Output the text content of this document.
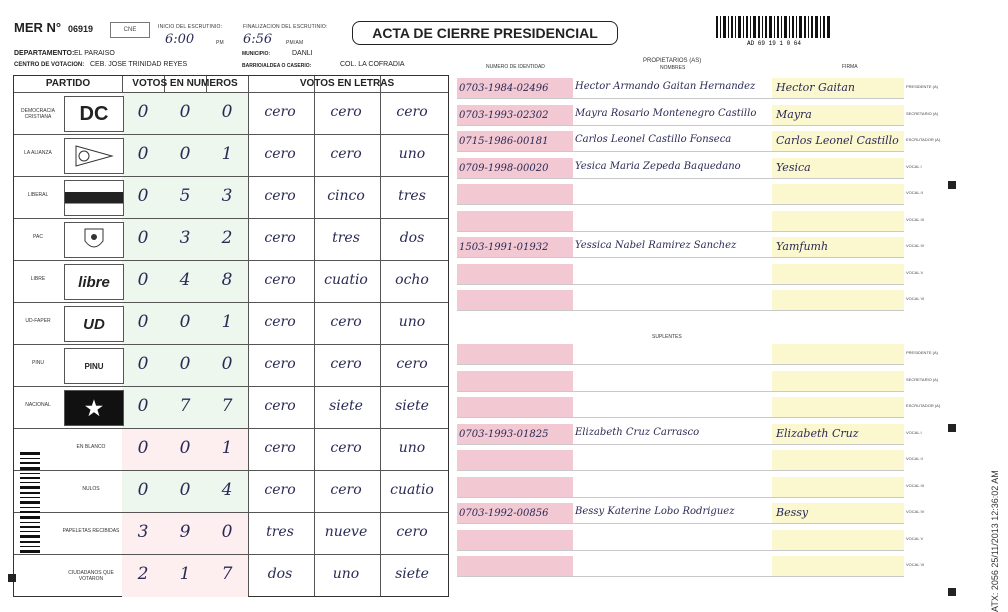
MER N° 06919	CNE	INICIO DEL ESCRUTINIO:
6:00	PM
FINALIZACION DEL ESCRUTINIO:
6:56	PM/AM
ACTA DE CIERRE PRESIDENCIAL
AD 69 19 1 0 64
DEPARTAMENTO: EL PARAISO	MUNICIPIO:	DANLI
CENTRO DE VOTACION: CEB. JOSE TRINIDAD REYES	BARRIO/ALDEA O CASERIO:	COL. LA COFRADIA
PARTIDO	VOTOS EN NUMEROS	VOTOS EN LETRAS
DEMOCRACIA CRISTIANA	DC	0	0	0	cero	cero	cero
LA ALIANZA	0	0	1	cero	cero	uno
LIBERAL	0	5	3	cero	cinco	tres
PAC	0	3	2	cero	tres	dos
LIBRE	libre	0	4	8	cero	cuatio	ocho
UD-FAPER	UD	0	0	1	cero	cero	uno
PINU	PINU	0	0	0	cero	cero	cero
NACIONAL	★	0	7	7	cero	siete	siete
EN BLANCO	0	0	1	cero	cero	uno
NULOS	0	0	4	cero	cero	cuatio
PAPELETAS RECIBIDAS	3	9	0	tres	nueve	cero
CIUDADANOS QUE VOTARON	2	1	7	dos	uno	siete
NUMERO DE IDENTIDAD
PROPIETARIOS (AS)
NOMBRES	FIRMA
SUPLENTES
0703-1984-02496	Hector Armando Gaitan Hernandez	Hector Gaitan	PRESIDENTE (A)
0703-1993-02302	Mayra Rosario Montenegro Castillo	Mayra	SECRETARIO (A)
0715-1986-00181	Carlos Leonel Castillo Fonseca	Carlos Leonel Castillo	ESCRUTADOR (A)
0709-1998-00020	Yesica Maria Zepeda Baquedano	Yesica	VOCAL I
VOCAL II
VOCAL III
1503-1991-01932	Yessica Nabel Ramirez Sanchez	Yamfumh	VOCAL IV
VOCAL V
VOCAL VI
PRESIDENTE (A)
SECRETARIO (A)
ESCRUTADOR (A)
0703-1993-01825	Elizabeth Cruz Carrasco	Elizabeth Cruz	VOCAL I
VOCAL II
VOCAL III
0703-1992-00856	Bessy Katerine Lobo Rodriguez	Bessy	VOCAL IV
VOCAL V
VOCAL VI	ATX: 2056 25/11/2013 12:36:02 AM
